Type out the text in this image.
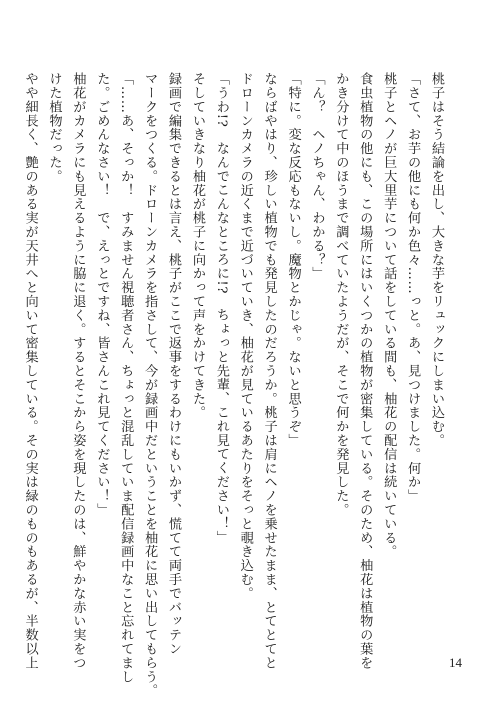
桃子はそう結論を出し、大きな芋をリュックにしまい込む。
「さて、お芋の他にも何か色々……っと。あ、見つけました。何か」
桃子とヘノが巨大里芋について話をしている間も、柚花の配信は続いている。
食虫植物の他にも、この場所にはいくつかの植物が密集している。そのため、柚花は植物の葉を
かき分けて中のほうまで調べていたようだが、そこで何かを発見した。
「ん？　ヘノちゃん、わかる？」
「特に。変な反応もないし。魔物とかじゃ。ないと思うぞ」
ならばやはり、珍しい植物でも発見したのだろうか。桃子は肩にヘノを乗せたまま、とてとてと
ドローンカメラの近くまで近づいていき、柚花が見ているあたりをそっと覗き込む。
「うわ!?　なんでこんなところに!?　ちょっと先輩、これ見てください！」
そしていきなり柚花が桃子に向かって声をかけてきた。
録画で編集できるとは言え、桃子がここで返事をするわけにもいかず、慌てて両手でバッテン
マークをつくる。ドローンカメラを指さして、今が録画中だということを柚花に思い出してもらう。
「……あ、そっか！　すみません視聴者さん、ちょっと混乱していま配信録画中なこと忘れてまし
た。ごめんなさい！　で、えっとですね、皆さんこれ見てください！」
柚花がカメラにも見えるように脇に退く。するとそこから姿を現したのは、鮮やかな赤い実をつ
けた植物だった。
やや細長く、艶のある実が天井へと向いて密集している。その実は緑のものもあるが、半数以上	14
